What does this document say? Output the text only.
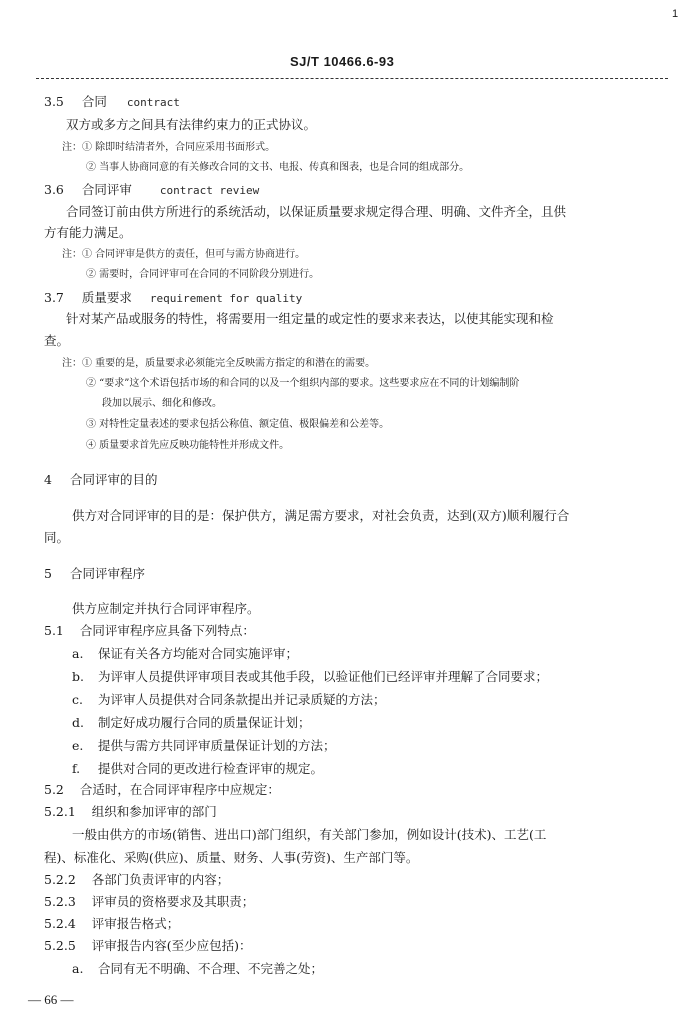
1
SJ/T 10466.6-93
3.5 合同 contract
双方或多方之间具有法律约束力的正式协议。
注：① 除即时结清者外，合同应采用书面形式。
② 当事人协商同意的有关修改合同的文书、电报、传真和图表，也是合同的组成部分。
3.6 合同评审	contract review
合同签订前由供方所进行的系统活动，以保证质量要求规定得合理、明确、文件齐全，且供
方有能力满足。
注：① 合同评审是供方的责任，但可与需方协商进行。
② 需要时，合同评审可在合同的不同阶段分别进行。
3.7 质量要求 requirement for quality
针对某产品或服务的特性，将需要用一组定量的或定性的要求来表达，以使其能实现和检
查。
注：① 重要的是，质量要求必须能完全反映需方指定的和潜在的需要。
② “要求”这个术语包括市场的和合同的以及一个组织内部的要求。这些要求应在不同的计划编制阶
段加以展示、细化和修改。
③ 对特性定量表述的要求包括公称值、额定值、极限偏差和公差等。
④ 质量要求首先应反映功能特性并形成文件。
4 合同评审的目的
供方对合同评审的目的是：保护供方，满足需方要求，对社会负责，达到(双方)顺利履行合
同。
5 合同评审程序
供方应制定并执行合同评审程序。
5.1 合同评审程序应具备下列特点：
a. 保证有关各方均能对合同实施评审；
b. 为评审人员提供评审项目表或其他手段，以验证他们已经评审并理解了合同要求；
c. 为评审人员提供对合同条款提出并记录质疑的方法；
d. 制定好成功履行合同的质量保证计划；
e. 提供与需方共同评审质量保证计划的方法；
f. 提供对合同的更改进行检查评审的规定。
5.2 合适时，在合同评审程序中应规定：
5.2.1 组织和参加评审的部门
一般由供方的市场(销售、进出口)部门组织，有关部门参加，例如设计(技术)、工艺(工
程)、标准化、采购(供应)、质量、财务、人事(劳资)、生产部门等。
5.2.2 各部门负责评审的内容；
5.2.3 评审员的资格要求及其职责；
5.2.4 评审报告格式；
5.2.5 评审报告内容(至少应包括)：
a. 合同有无不明确、不合理、不完善之处；
— 66 —
